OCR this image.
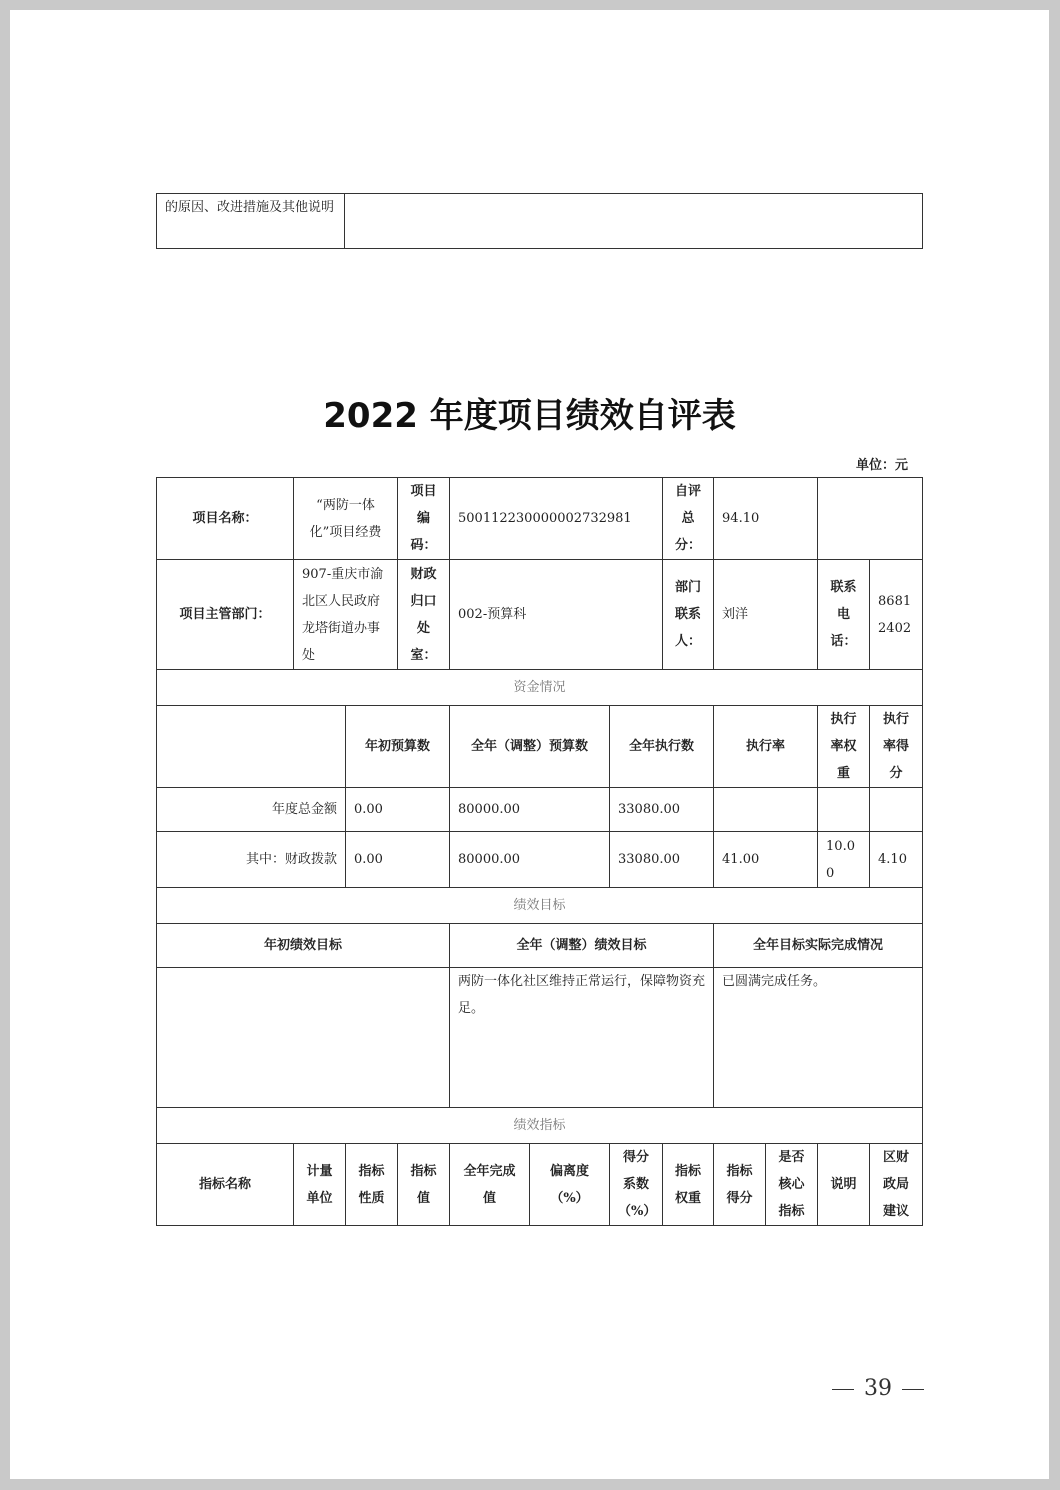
的原因、改进措施及其他说明	
2022 年度项目绩效自评表
单位：元
项目名称：	“两防一体化”项目经费		项目编码：	500112230000002732981			自评总分：	94.10			
项目主管部门：	907-重庆市渝北区人民政府龙塔街道办事处		财政归口处室：	002-预算科			部门联系人：	刘洋		联系电话：	86812402
资金情况											
		年初预算数		全年（调整）预算数		全年执行数		执行率		执行率权重	执行率得分
年度总金额		0.00		80000.00		33080.00					
其中：财政拨款		0.00		80000.00		33080.00		41.00		10.00	4.10
绩效目标											
年初绩效目标				全年（调整）绩效目标				全年目标实际完成情况			
				两防一体化社区维持正常运行，保障物资充足。				已圆满完成任务。			
绩效指标											
指标名称	计量单位	指标性质	指标值	全年完成值	偏离度（%）	得分系数（%）	指标权重	指标得分	是否核心指标	说明	区财政局建议
39
